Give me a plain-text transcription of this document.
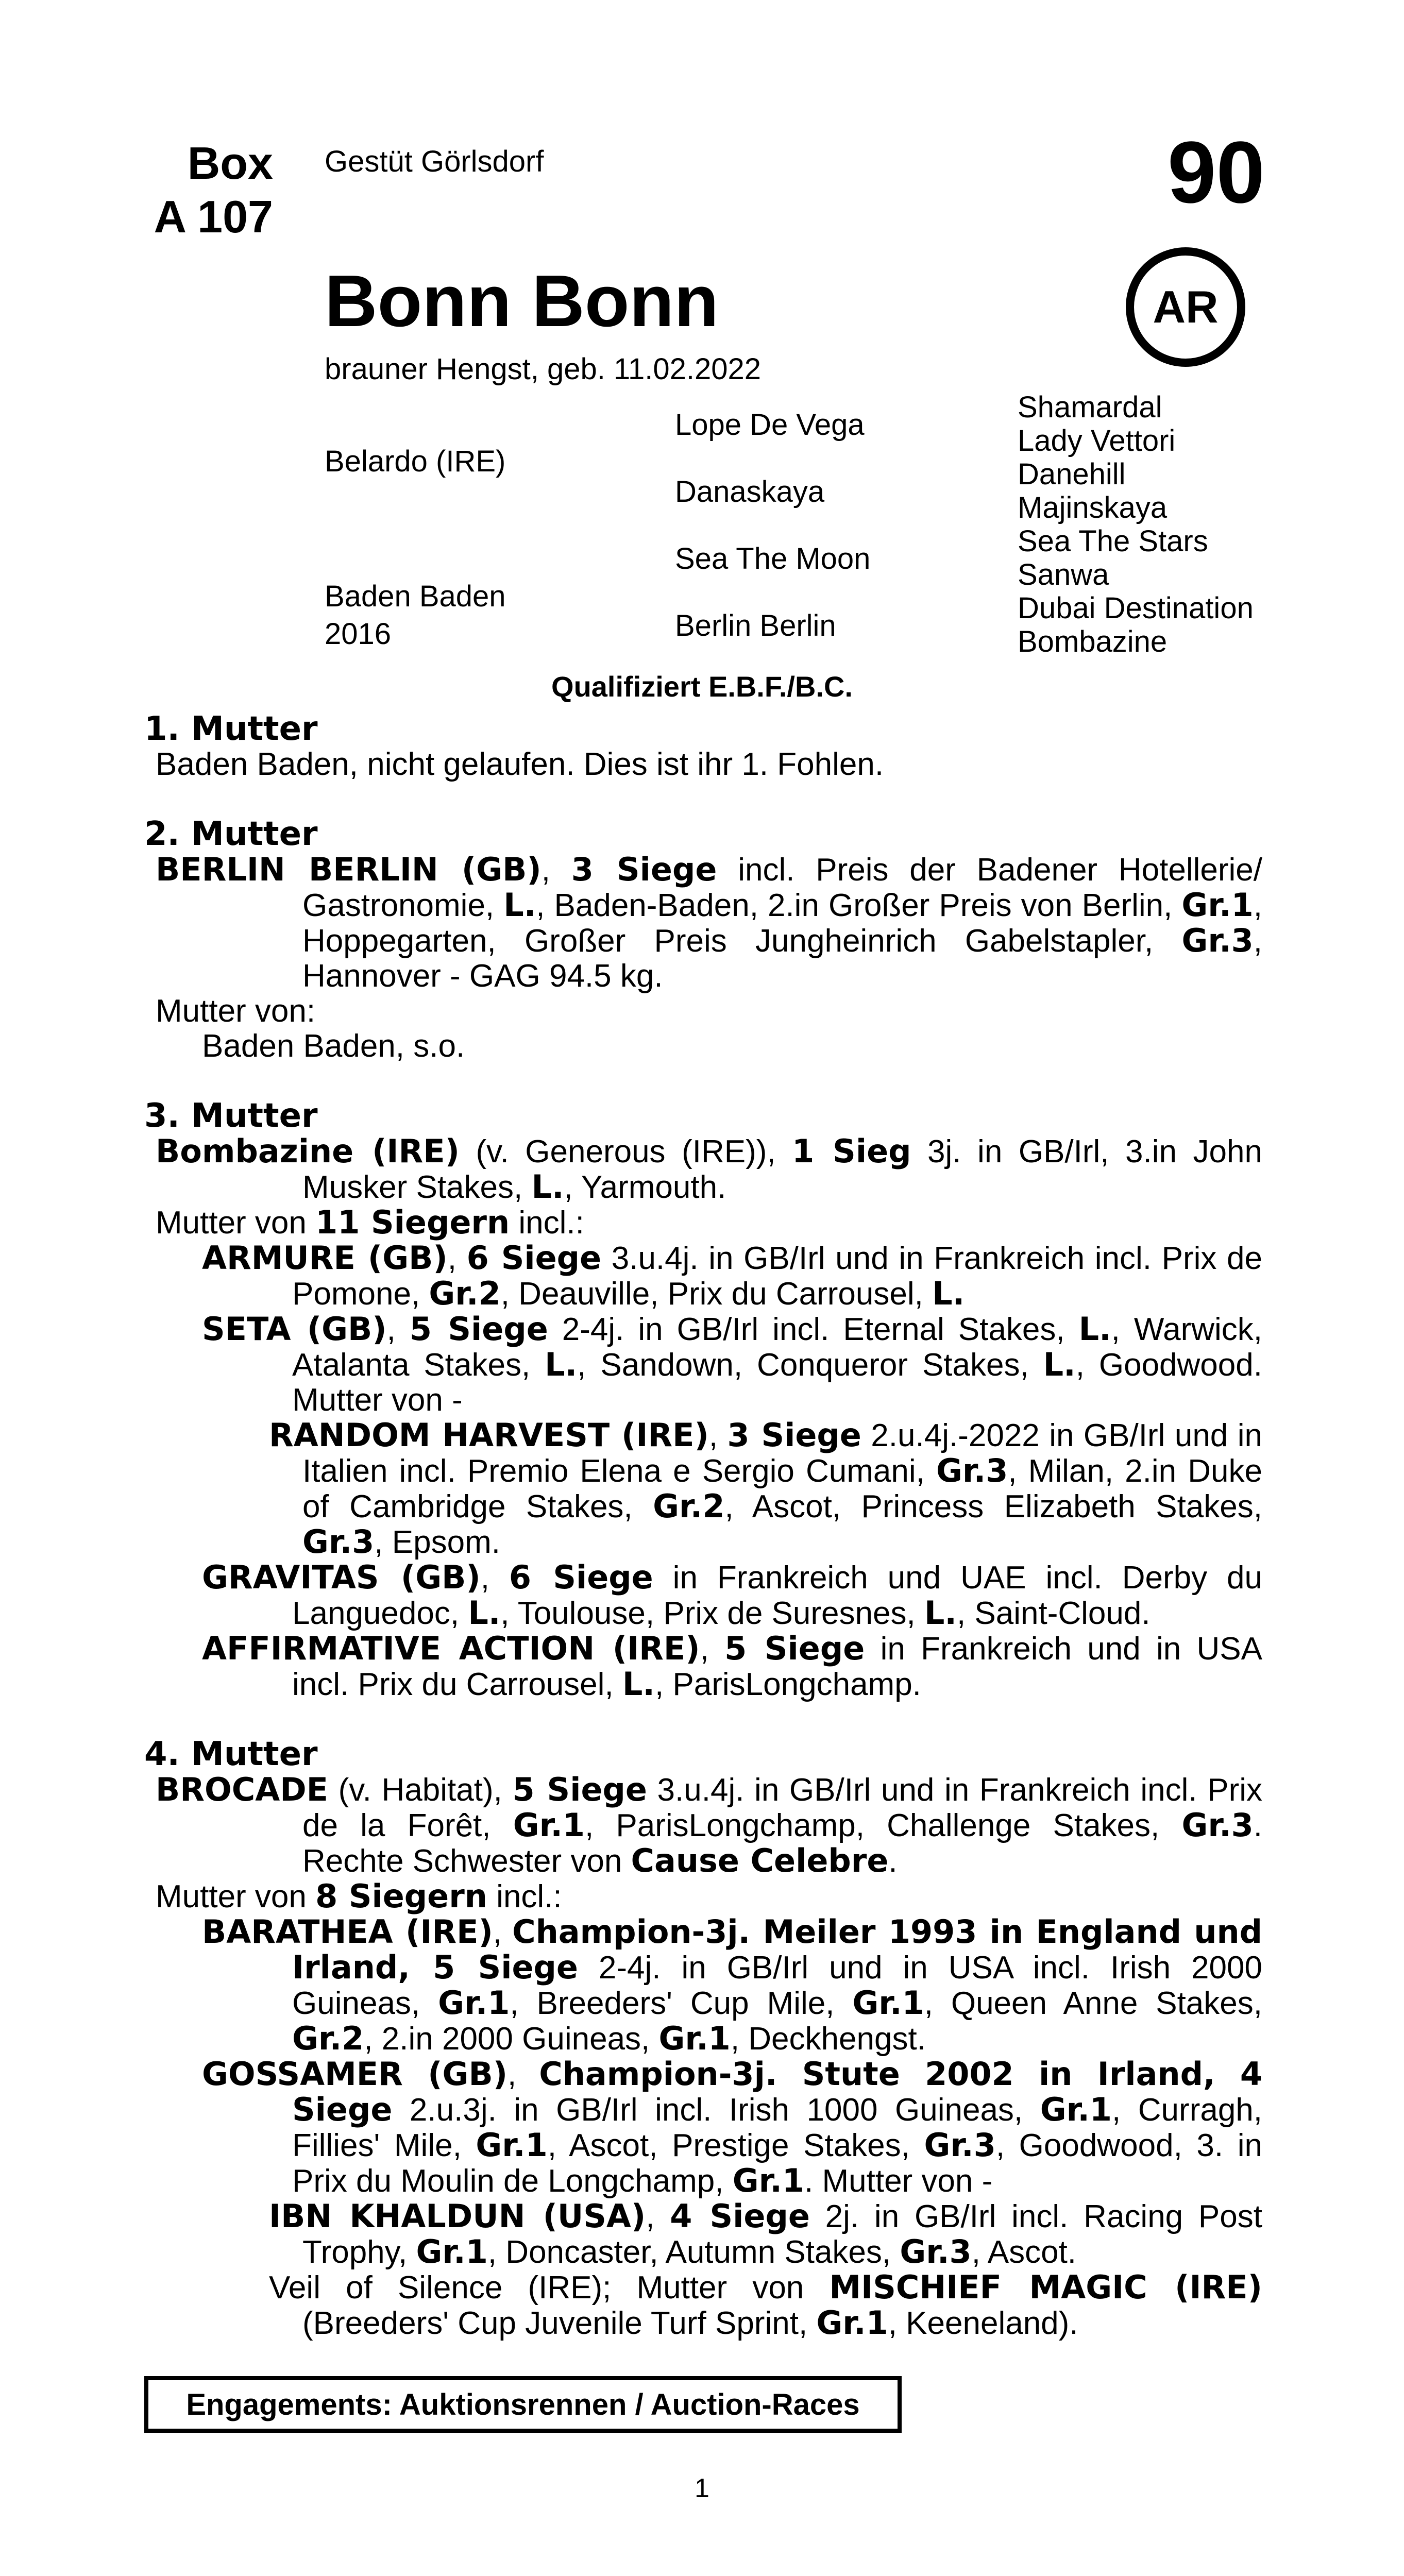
Box
A 107
Gestüt Görlsdorf	90
AR
Bonn Bonn
brauner Hengst, geb. 11.02.2022
Belardo (IRE)
Baden Baden
2016
Lope De Vega
Danaskaya
Sea The Moon
Berlin Berlin
Shamardal
Lady Vettori
Danehill
Majinskaya
Sea The Stars
Sanwa
Dubai Destination
Bombazine
Qualifiziert E.B.F./B.C.
1. Mutter

Baden Baden, nicht gelaufen. Dies ist ihr 1. Fohlen.

2. Mutter

BERLIN BERLIN (GB), 3 Siege incl. Preis der Badener Hotellerie/ Gastronomie, L., Baden-Baden, 2.in Großer Preis von Berlin, Gr.1, Hoppegarten, Großer Preis Jungheinrich Gabelstapler, Gr.3, Hannover - GAG 94.5 kg.

Mutter von:

Baden Baden, s.o.

3. Mutter

Bombazine (IRE) (v. Generous (IRE)), 1 Sieg 3j. in GB/Irl, 3.in John Musker Stakes, L., Yarmouth.

Mutter von 11 Siegern incl.:

ARMURE (GB), 6 Siege 3.u.4j. in GB/Irl und in Frankreich incl. Prix de Pomone, Gr.2, Deauville, Prix du Carrousel, L.

SETA (GB), 5 Siege 2-4j. in GB/Irl incl. Eternal Stakes, L., Warwick, Atalanta Stakes, L., Sandown, Conqueror Stakes, L., Goodwood. Mutter von -

RANDOM HARVEST (IRE), 3 Siege 2.u.4j.-2022 in GB/Irl und in Italien incl. Premio Elena e Sergio Cumani, Gr.3, Milan, 2.in Duke of Cambridge Stakes, Gr.2, Ascot, Princess Elizabeth Stakes, Gr.3, Epsom.

GRAVITAS (GB), 6 Siege in Frankreich und UAE incl. Derby du Languedoc, L., Toulouse, Prix de Suresnes, L., Saint-Cloud.

AFFIRMATIVE ACTION (IRE), 5 Siege in Frankreich und in USA incl. Prix du Carrousel, L., ParisLongchamp.

4. Mutter

BROCADE (v. Habitat), 5 Siege 3.u.4j. in GB/Irl und in Frankreich incl. Prix de la Forêt, Gr.1, ParisLongchamp, Challenge Stakes, Gr.3. Rechte Schwester von Cause Celebre.

Mutter von 8 Siegern incl.:

BARATHEA (IRE), Champion-3j. Meiler 1993 in England und Irland, 5 Siege 2-4j. in GB/Irl und in USA incl. Irish 2000 Guineas, Gr.1, Breeders' Cup Mile, Gr.1, Queen Anne Stakes, Gr.2, 2.in 2000 Guineas, Gr.1, Deckhengst.

GOSSAMER (GB), Champion-3j. Stute 2002 in Irland, 4 Siege 2.u.3j. in GB/Irl incl. Irish 1000 Guineas, Gr.1, Curragh, Fillies' Mile, Gr.1, Ascot, Prestige Stakes, Gr.3, Goodwood, 3. in Prix du Moulin de Longchamp, Gr.1. Mutter von -

IBN KHALDUN (USA), 4 Siege 2j. in GB/Irl incl. Racing Post Trophy, Gr.1, Doncaster, Autumn Stakes, Gr.3, Ascot.

Veil of Silence (IRE); Mutter von MISCHIEF MAGIC (IRE) (Breeders' Cup Juvenile Turf Sprint, Gr.1, Keeneland).

Engagements: Auktionsrennen / Auction-Races
1
